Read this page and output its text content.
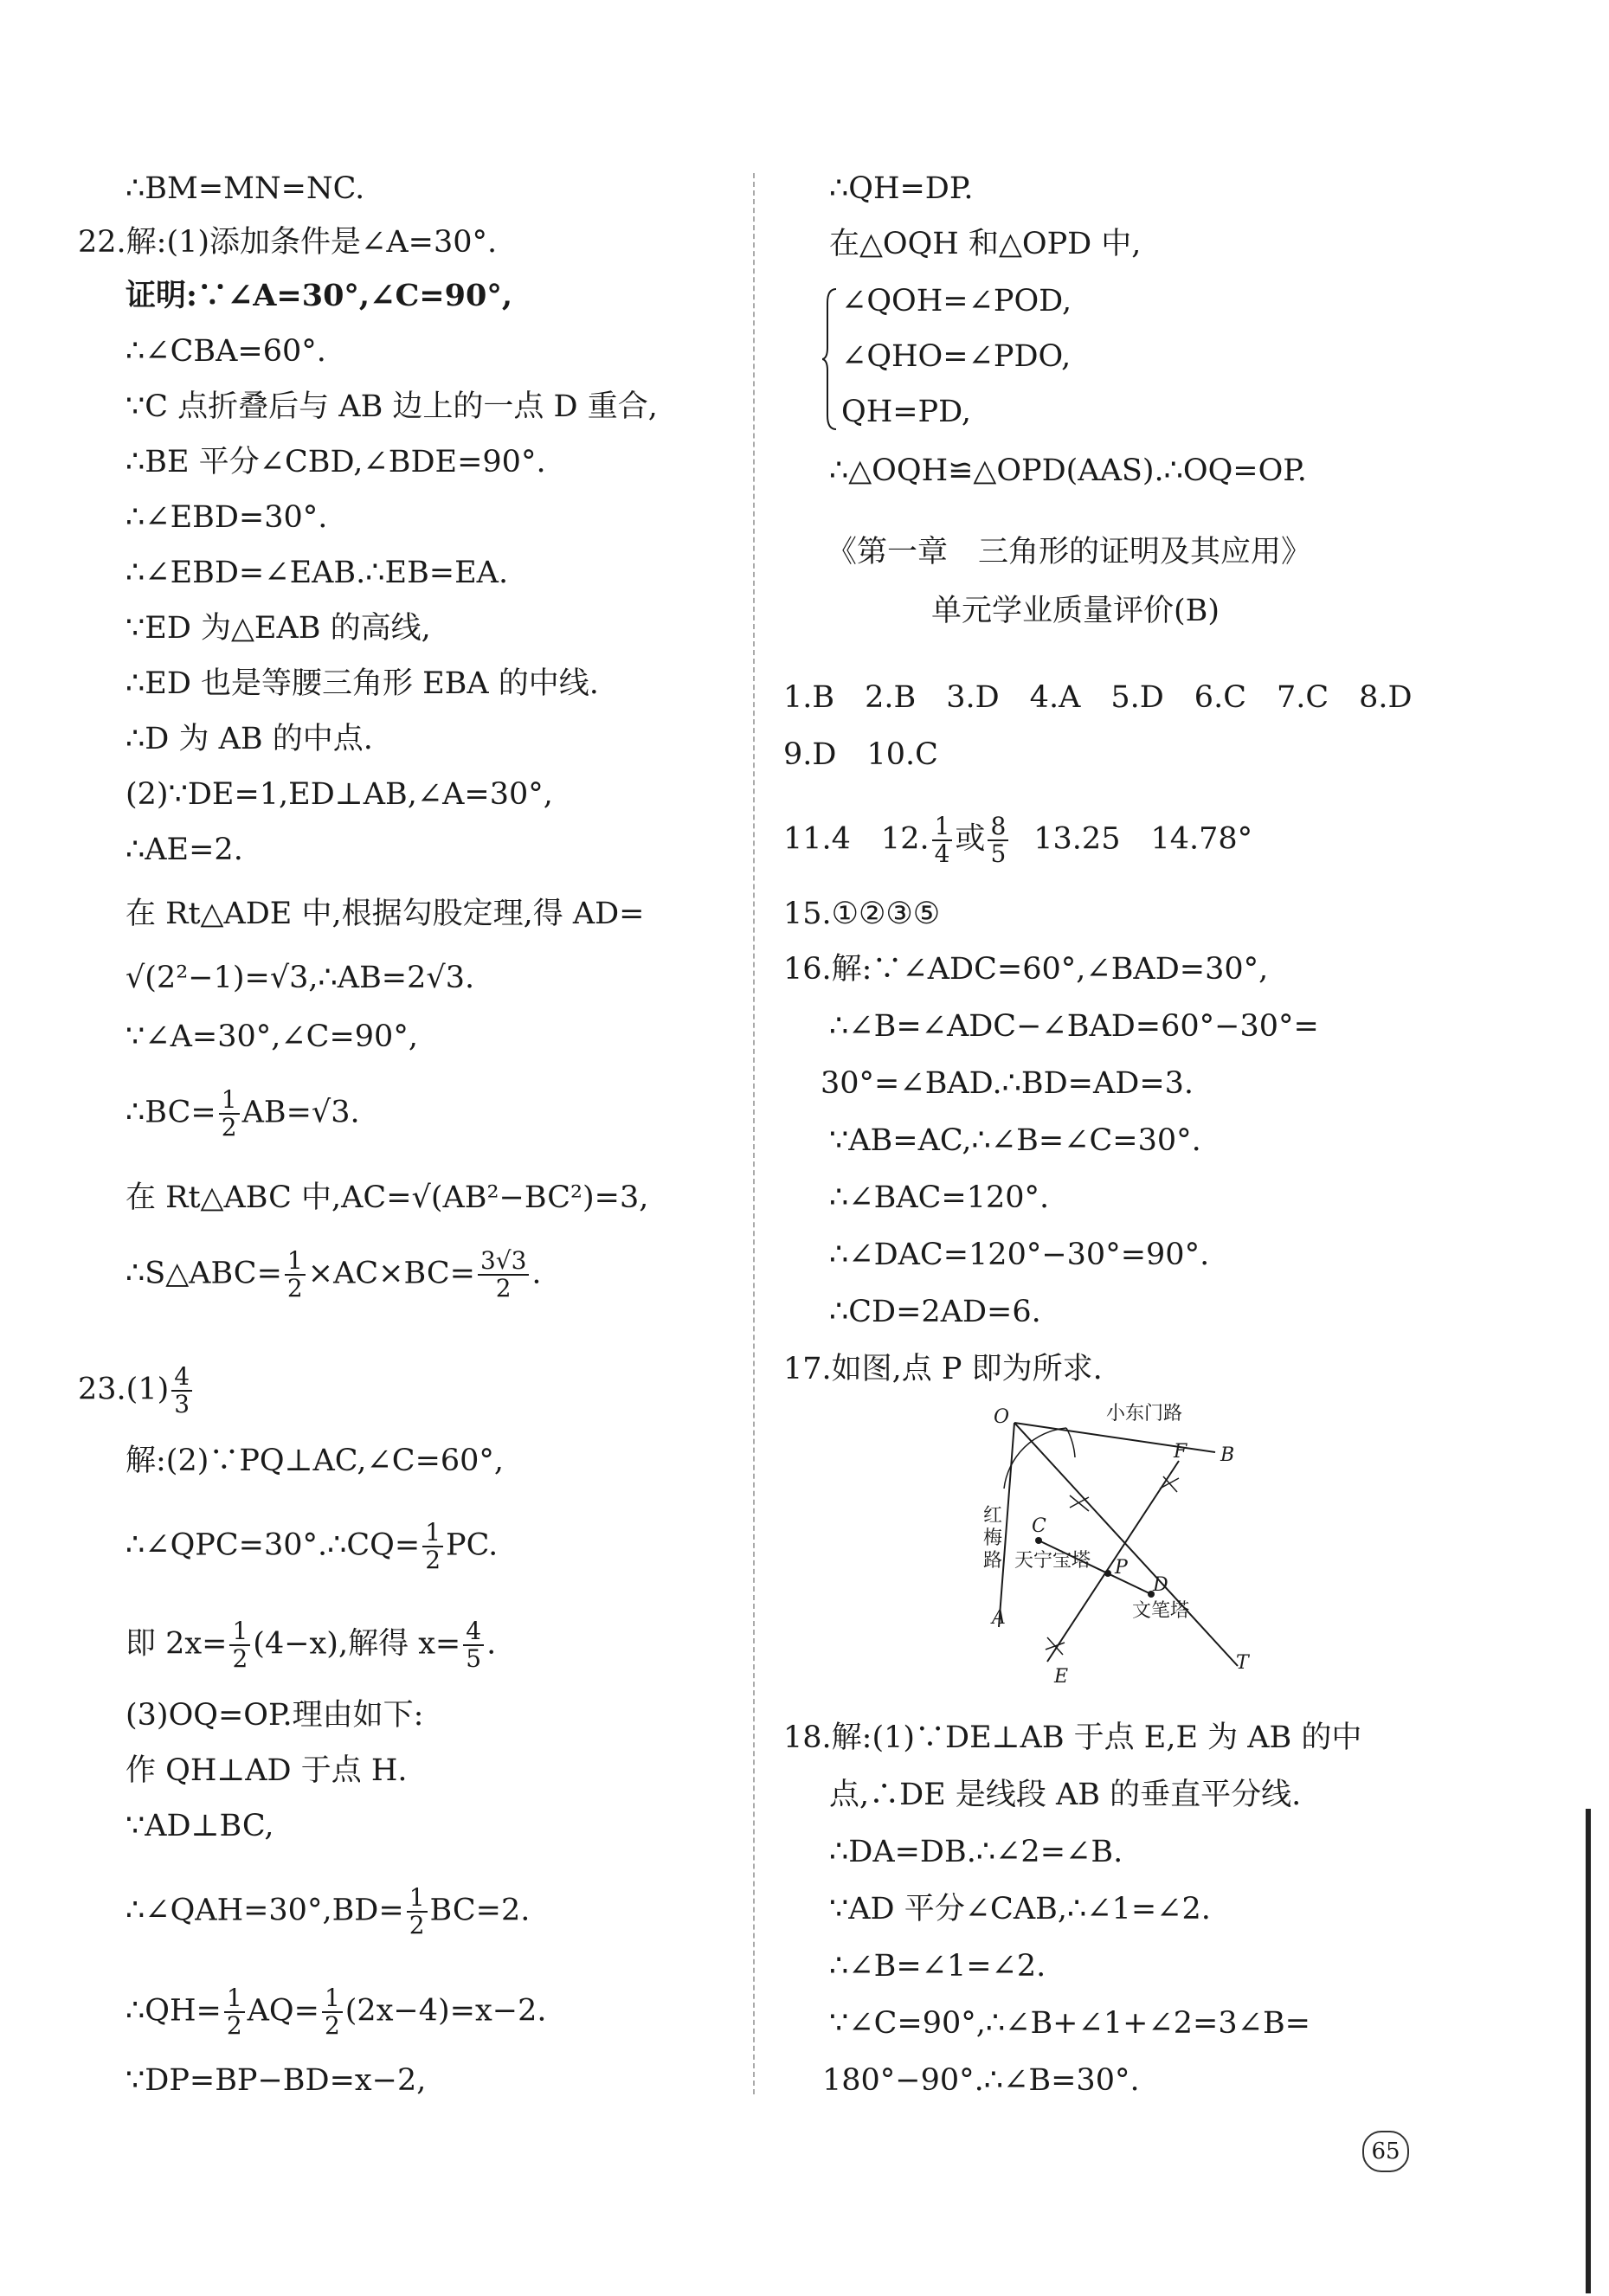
∴BM=MN=NC.
22.解:(1)添加条件是∠A=30°.
证明:∵∠A=30°,∠C=90°,
∴∠CBA=60°.
∵C 点折叠后与 AB 边上的一点 D 重合,
∴BE 平分∠CBD,∠BDE=90°.
∴∠EBD=30°.
∴∠EBD=∠EAB.∴EB=EA.
∵ED 为△EAB 的高线,
∴ED 也是等腰三角形 EBA 的中线.
∴D 为 AB 的中点.
(2)∵DE=1,ED⊥AB,∠A=30°,
∴AE=2.
在 Rt△ADE 中,根据勾股定理,得 AD=
√(2²−1)=√3,∴AB=2√3.
∵∠A=30°,∠C=90°,
∴BC= $\frac{1}{2} AB=√3$.
在 Rt△ABC 中,AC=√(AB²−BC²)=3,
∴S△ABC= $\frac{1}{2} \times AC\times BC= \frac{3√3}{2}$ .
$23.(1) \frac{4}{3}$
解:(2)∵PQ⊥AC,∠C=60°,
∴∠QPC=30°.∴CQ= $\frac{1}{2}$ PC.
即 $2x= \frac{1}{2} (4-x)$,解得 $x= \frac{4}{5}$ .
(3)OQ=OP.理由如下:
作 QH⊥AD 于点 H.
∵AD⊥BC,
∴∠QAH=30°,BD= $\frac{1}{2} BC=2$.
∴QH= $\frac{1}{2} AQ= \frac{1}{2} (2x-4)=x-2$.
∵DP=BP−BD=x−2,
∴QH=DP.
在△OQH 和△OPD 中,
∠QOH=∠POD,
∠QHO=∠PDO,
QH=PD,
∴△OQH≌△OPD(AAS).∴OQ=OP.
《第一章　三角形的证明及其应用》
单元学业质量评价(B)
1.B　2.B　3.D　4.A　5.D　6.C　7.C　8.D
9.D　10.C
11.4　12. $\frac{1}{4}$ 或 $\frac{8}{5} 13.25$　14.78°
15.①②③⑤
16.解:∵∠ADC=60°,∠BAD=30°,
∴∠B=∠ADC−∠BAD=60°−30°=
30°=∠BAD.∴BD=AD=3.
∵AB=AC,∴∠B=∠C=30°.
∴∠BAC=120°.
∴∠DAC=120°−30°=90°.
∴CD=2AD=6.
17.如图,点 P 即为所求.
O
B
F
C
P
D
A
E
T
小东门路
红
梅
路 天宁宝塔
文笔塔
18.解:(1)∵DE⊥AB 于点 E,E 为 AB 的中
点,∴DE 是线段 AB 的垂直平分线.
∴DA=DB.∴∠2=∠B.
∵AD 平分∠CAB,∴∠1=∠2.
∴∠B=∠1=∠2.
∵∠C=90°,∴∠B+∠1+∠2=3∠B=
180°−90°.∴∠B=30°.
65
